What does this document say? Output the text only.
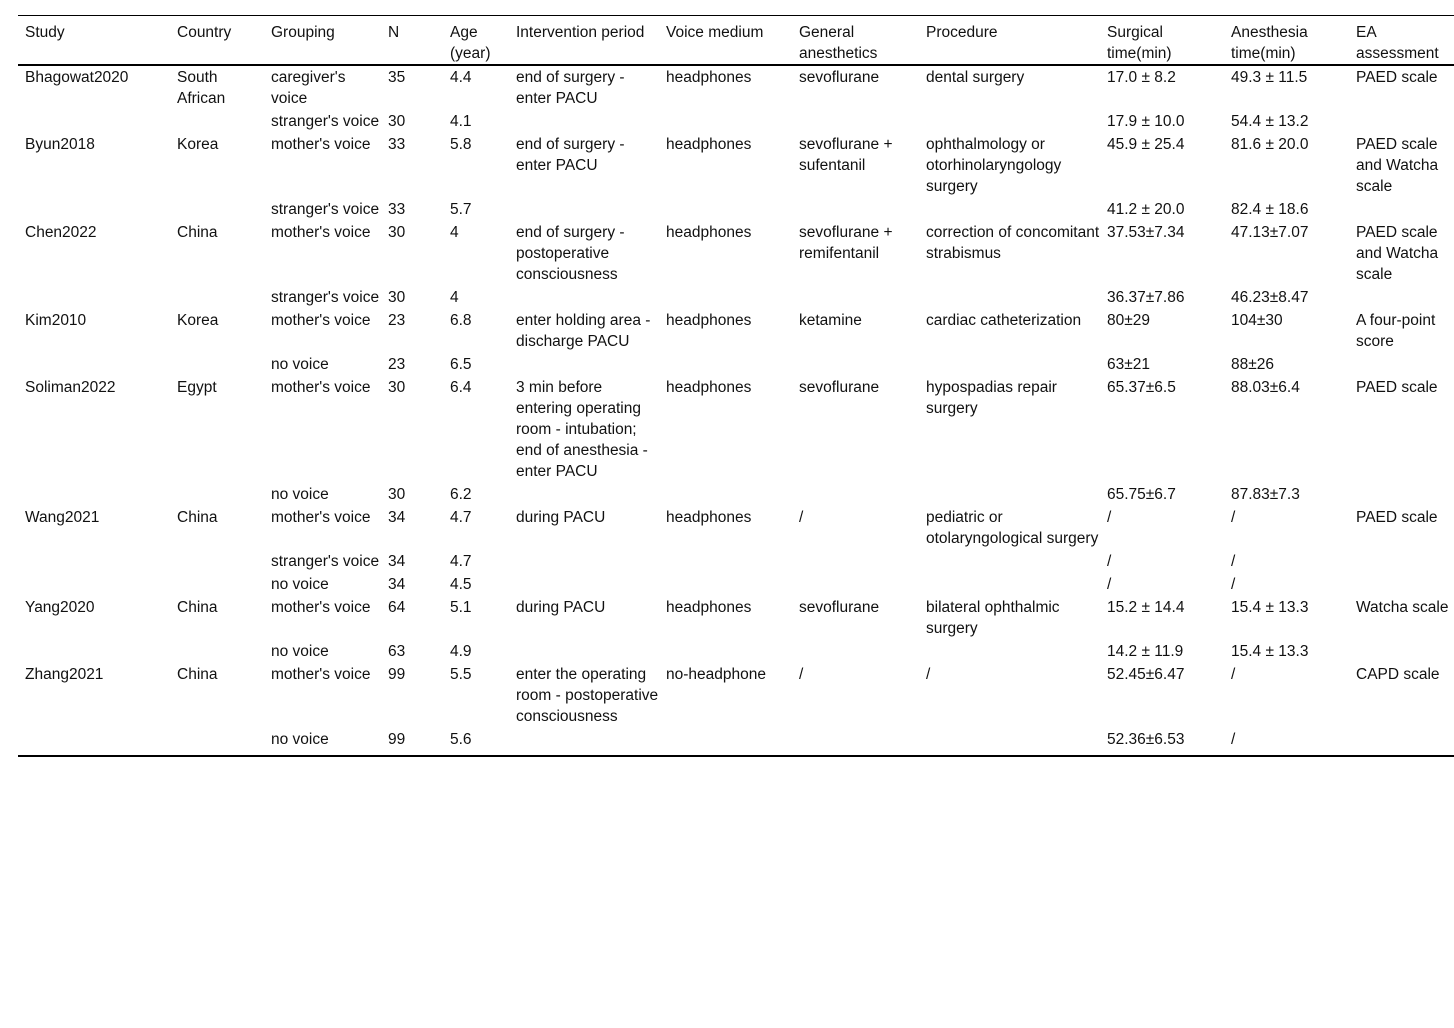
Study	Country	Grouping	N	Age (year)	Intervention period	Voice medium	General anesthetics	Procedure	Surgical time(min)	Anesthesia time(min)	EA assessment
Bhagowat2020	South African	caregiver's voice	35	4.4	end of surgery - enter PACU	headphones	sevoflurane	dental surgery	17.0 ± 8.2	49.3 ± 11.5	PAED scale
		stranger's voice	30	4.1					17.9 ± 10.0	54.4 ± 13.2	
Byun2018	Korea	mother's voice	33	5.8	end of surgery - enter PACU	headphones	sevoflurane + sufentanil	ophthalmology or otorhinolaryngology surgery	45.9 ± 25.4	81.6 ± 20.0	PAED scale and Watcha scale
		stranger's voice	33	5.7					41.2 ± 20.0	82.4 ± 18.6	
Chen2022	China	mother's voice	30	4	end of surgery - postoperative consciousness	headphones	sevoflurane + remifentanil	correction of concomitant strabismus	37.53±7.34	47.13±7.07	PAED scale and Watcha scale
		stranger's voice	30	4					36.37±7.86	46.23±8.47	
Kim2010	Korea	mother's voice	23	6.8	enter holding area - discharge PACU	headphones	ketamine	cardiac catheterization	80±29	104±30	A four-point score
		no voice	23	6.5					63±21	88±26	
Soliman2022	Egypt	mother's voice	30	6.4	3 min before entering operating room - intubation; end of anesthesia - enter PACU	headphones	sevoflurane	hypospadias repair surgery	65.37±6.5	88.03±6.4	PAED scale
		no voice	30	6.2					65.75±6.7	87.83±7.3	
Wang2021	China	mother's voice	34	4.7	during PACU	headphones	/	pediatric or otolaryngological surgery	/	/	PAED scale
		stranger's voice	34	4.7					/	/	
		no voice	34	4.5					/	/	
Yang2020	China	mother's voice	64	5.1	during PACU	headphones	sevoflurane	bilateral ophthalmic surgery	15.2 ± 14.4	15.4 ± 13.3	Watcha scale
		no voice	63	4.9					14.2 ± 11.9	15.4 ± 13.3	
Zhang2021	China	mother's voice	99	5.5	enter the operating room - postoperative consciousness	no-headphone	/	/	52.45±6.47	/	CAPD scale
		no voice	99	5.6					52.36±6.53	/	
